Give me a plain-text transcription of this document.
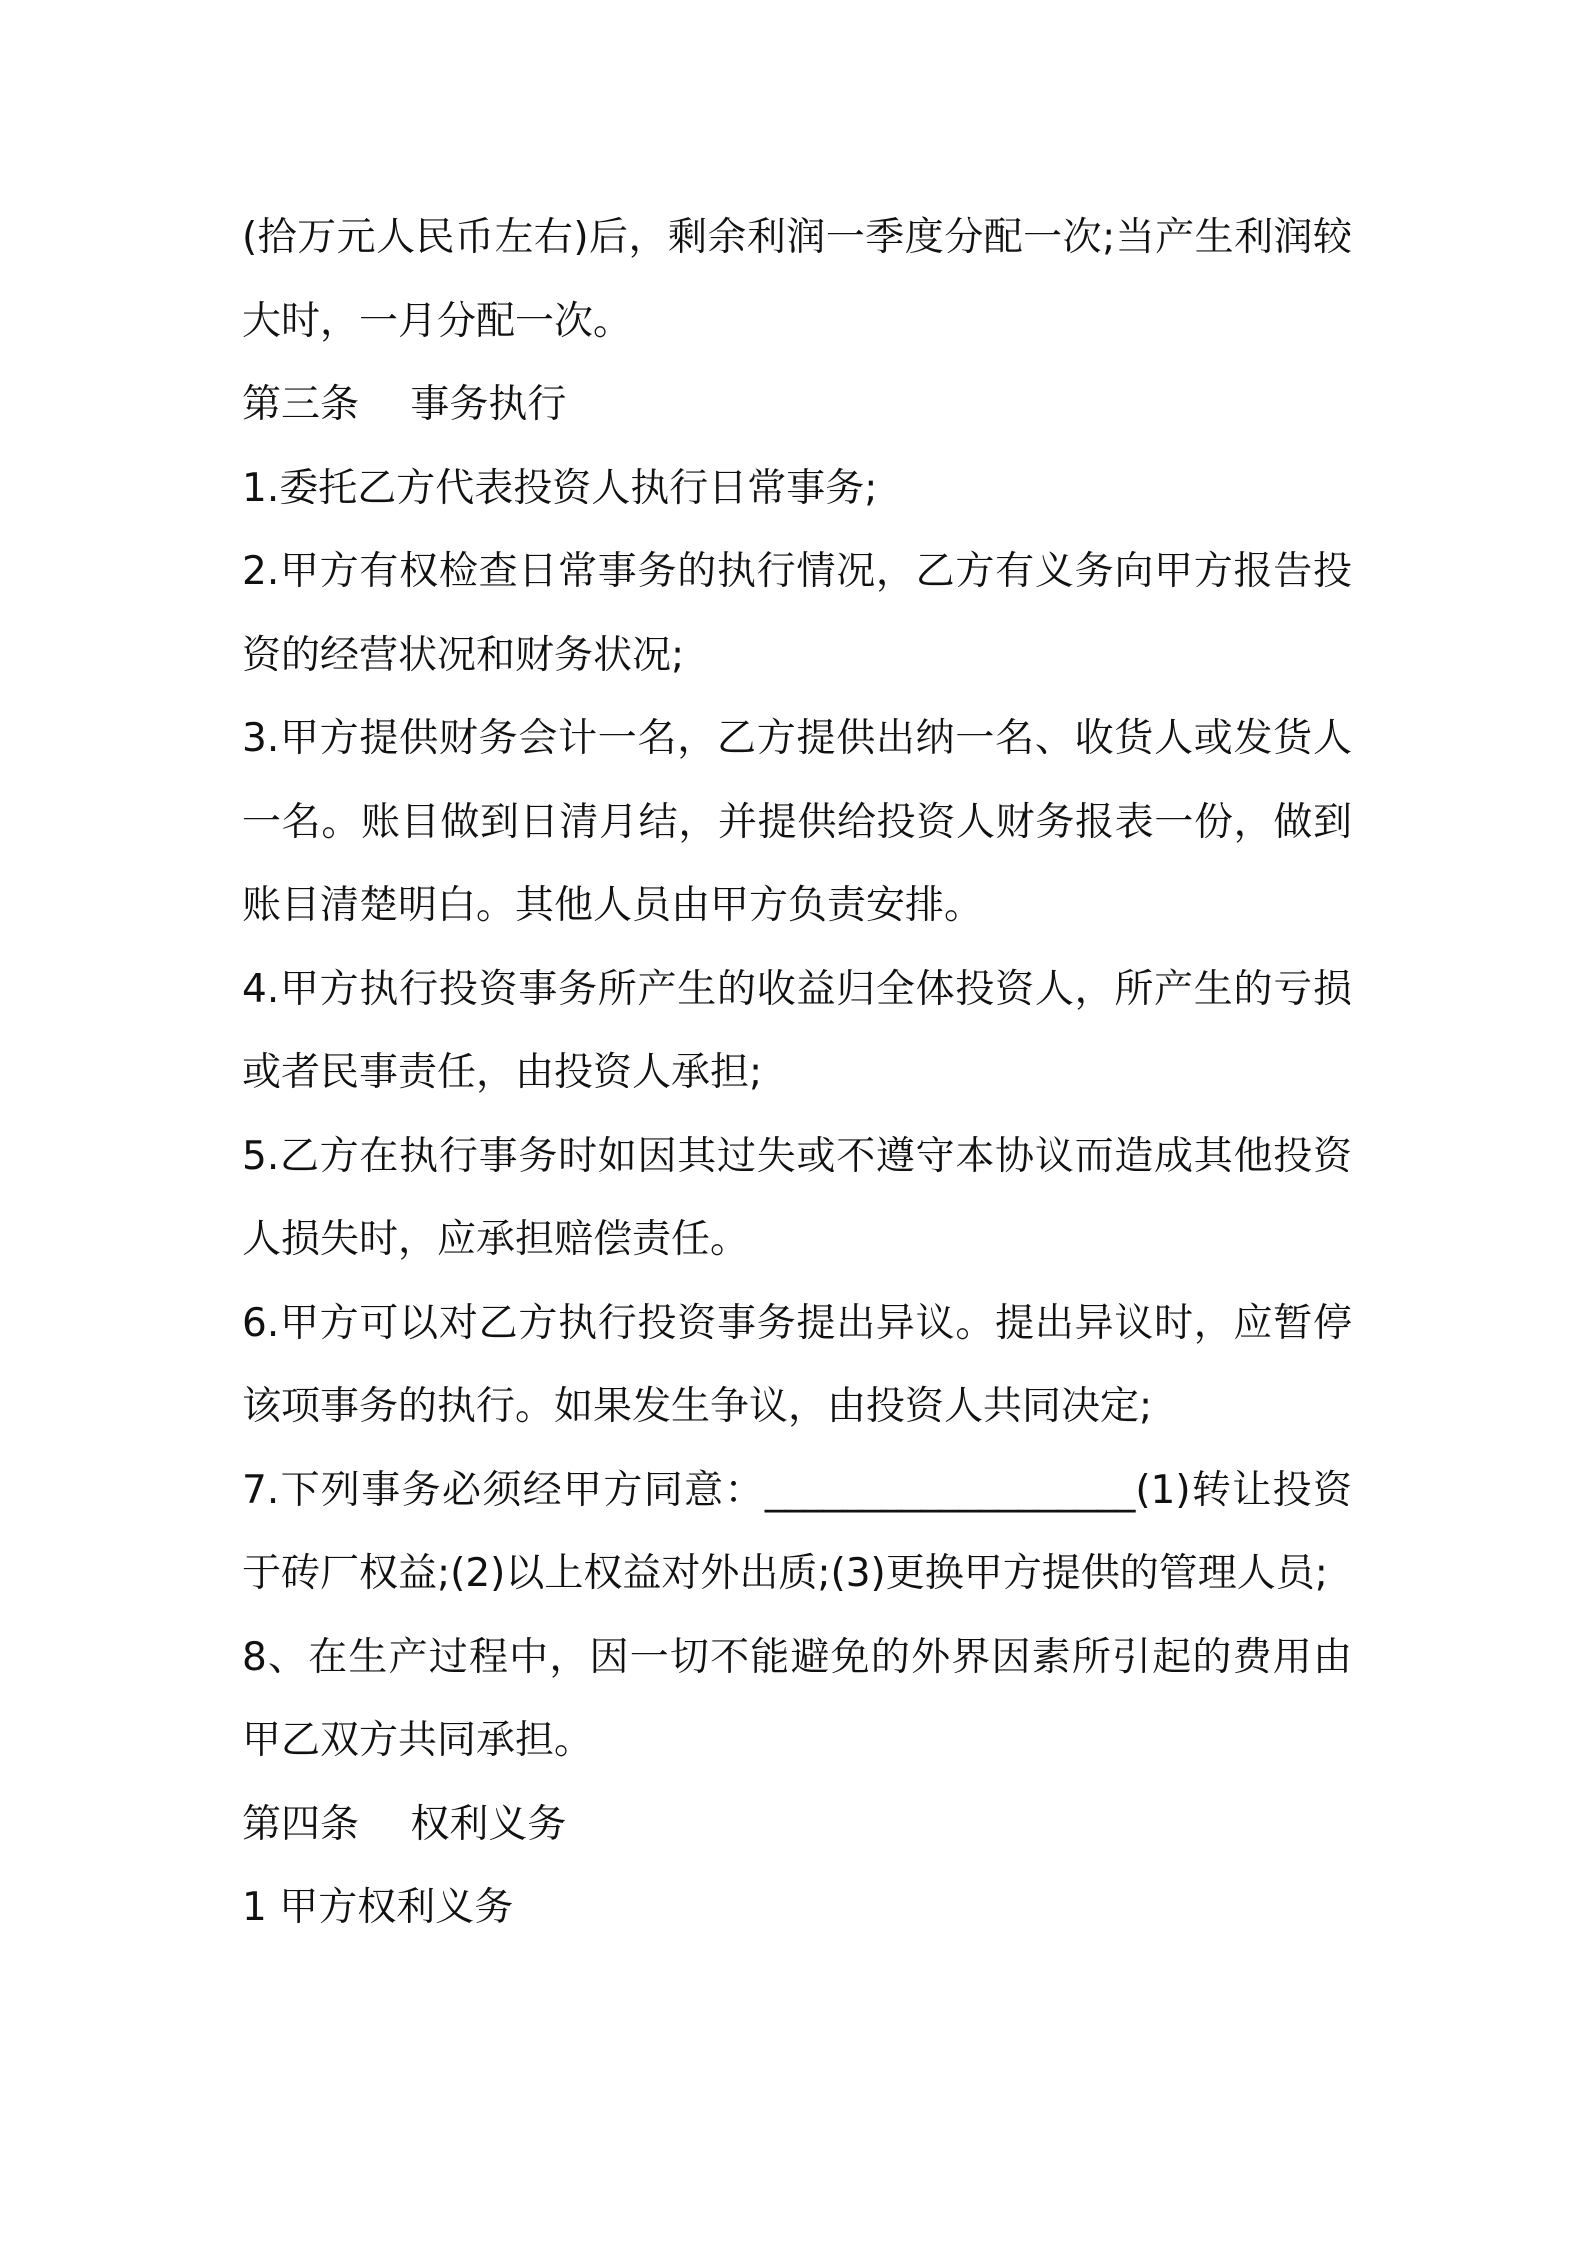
(拾万元人民币左右)后，剩余利润一季度分配一次;当产生利润较大时，一月分配一次。

第三条　 事务执行

1.委托乙方代表投资人执行日常事务;

2.甲方有权检查日常事务的执行情况，乙方有义务向甲方报告投资的经营状况和财务状况;

3.甲方提供财务会计一名，乙方提供出纳一名、收货人或发货人一名。账目做到日清月结，并提供给投资人财务报表一份，做到账目清楚明白。其他人员由甲方负责安排。

4.甲方执行投资事务所产生的收益归全体投资人，所产生的亏损或者民事责任，由投资人承担;

5.乙方在执行事务时如因其过失或不遵守本协议而造成其他投资人损失时，应承担赔偿责任。

6.甲方可以对乙方执行投资事务提出异议。提出异议时，应暂停该项事务的执行。如果发生争议，由投资人共同决定;

7.下列事务必须经甲方同意：___________________(1)转让投资于砖厂权益;(2)以上权益对外出质;(3)更换甲方提供的管理人员;

8、在生产过程中，因一切不能避免的外界因素所引起的费用由甲乙双方共同承担。

第四条　 权利义务

1 甲方权利义务
